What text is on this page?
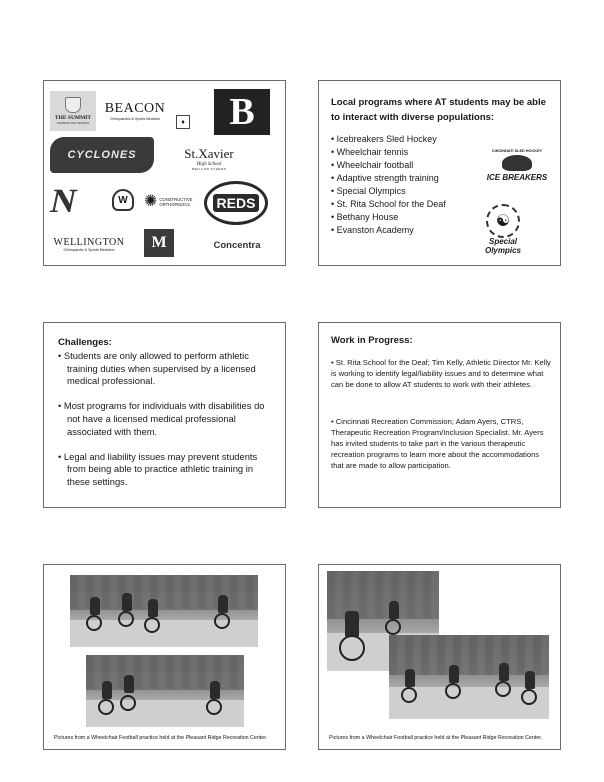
THE SUMMIT
COUNTRY DAY SCHOOL
BEACON
Orthopaedics & Sports Medicine	♦ B
CYCLONES	St.Xavier
High School
MEN FOR OTHERS
N	W ✺ CONSTRUCTIVE
ORTHOPEDICS REDS
WELLINGTON
Orthopaedic & Sports Medicine M	Concentra
Local programs where AT students may be able to interact with diverse populations:
• Icebreakers Sled Hockey
• Wheelchair tennis
• Wheelchair football
• Adaptive strength training
• Special Olympics
• St. Rita School for the Deaf
• Bethany House
• Evanston Academy
CINCINNATI SLED HOCKEY
ICE BREAKERS
☯
Special
Olympics
Challenges:
• Students are only allowed to perform athletic training duties when supervised by a licensed medical professional.
• Most programs for individuals with disabilities do not have a licensed medical professional associated with them.
• Legal and liability issues may prevent students from being able to practice athletic training in these settings.
Work in Progress:

• St. Rita School for the Deaf; Tim Kelly, Athletic Director Mr. Kelly is working to identify legal/liability issues and to determine what can be done to allow AT students to work with their athletes.

• Cincinnati Recreation Commission; Adam Ayers, CTRS, Therapeutic Recreation Program/Inclusion Specialist. Mr. Ayers has invited students to take part in the various therapeutic recreation programs to learn more about the accommodations that are made to allow participation.

Pictures from a Wheelchair Football practice held at the Pleasant Ridge Recreation Center.	Pictures from a Wheelchair Football practice held at the Pleasant Ridge Recreation Center.
